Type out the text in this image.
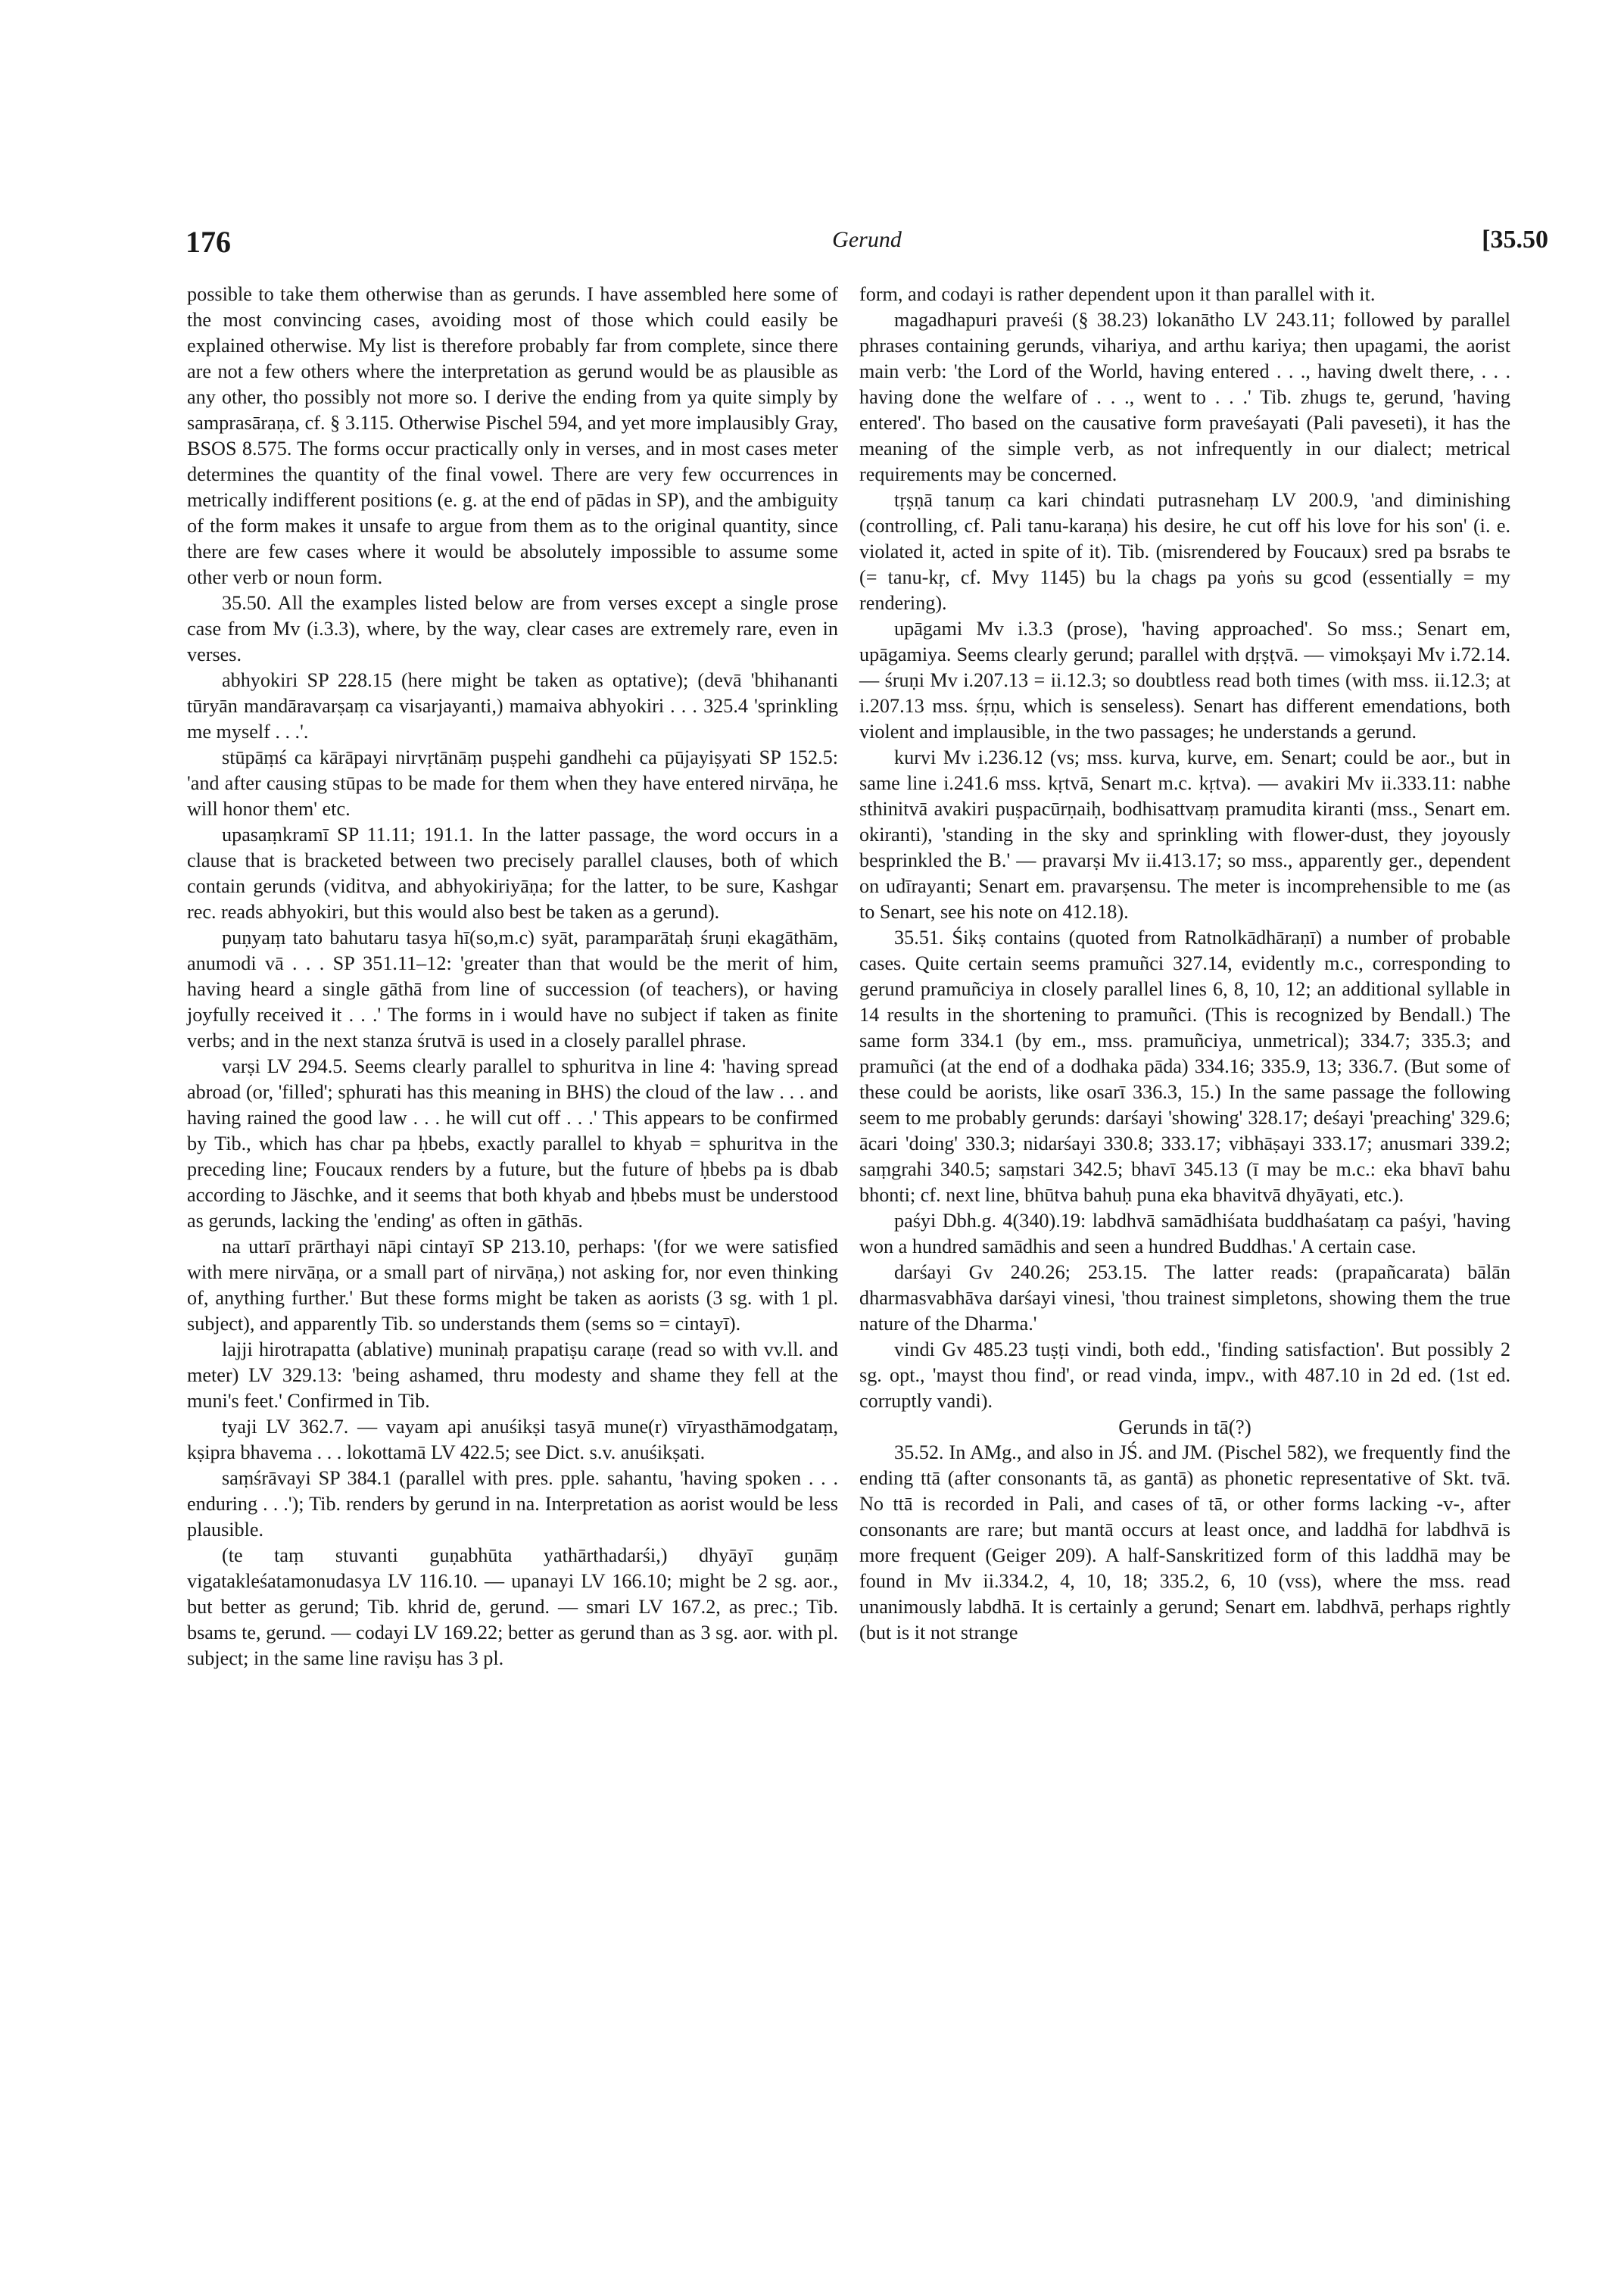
176	Gerund	[35.50

possible to take them otherwise than as gerunds. I have assembled here some of the most convincing cases, avoiding most of those which could easily be explained otherwise. My list is therefore probably far from complete, since there are not a few others where the interpretation as gerund would be as plausible as any other, tho possibly not more so. I derive the ending from ya quite simply by samprasāraṇa, cf. § 3.115. Otherwise Pischel 594, and yet more implausibly Gray, BSOS 8.575. The forms occur practically only in verses, and in most cases meter determines the quantity of the final vowel. There are very few occurrences in metrically indifferent positions (e. g. at the end of pādas in SP), and the ambiguity of the form makes it unsafe to argue from them as to the original quantity, since there are few cases where it would be absolutely impossible to assume some other verb or noun form.

35.50. All the examples listed below are from verses except a single prose case from Mv (i.3.3), where, by the way, clear cases are extremely rare, even in verses.

abhyokiri SP 228.15 (here might be taken as optative); (devā 'bhihananti tūryān mandāravarṣaṃ ca visarjayanti,) mamaiva abhyokiri . . . 325.4 'sprinkling me myself . . .'.

stūpāṃś ca kārāpayi nirvṛtānāṃ puṣpehi gandhehi ca pūjayiṣyati SP 152.5: 'and after causing stūpas to be made for them when they have entered nirvāṇa, he will honor them' etc.

upasaṃkramī SP 11.11; 191.1. In the latter passage, the word occurs in a clause that is bracketed between two precisely parallel clauses, both of which contain gerunds (viditva, and abhyokiriyāṇa; for the latter, to be sure, Kashgar rec. reads abhyokiri, but this would also best be taken as a gerund).

puṇyaṃ tato bahutaru tasya hī(so,m.c) syāt, paramparātaḥ śruṇi ekagāthām, anumodi vā . . . SP 351.11–12: 'greater than that would be the merit of him, having heard a single gāthā from line of succession (of teachers), or having joyfully received it . . .' The forms in i would have no subject if taken as finite verbs; and in the next stanza śrutvā is used in a closely parallel phrase.

varṣi LV 294.5. Seems clearly parallel to sphuritva in line 4: 'having spread abroad (or, 'filled'; sphurati has this meaning in BHS) the cloud of the law . . . and having rained the good law . . . he will cut off . . .' This appears to be confirmed by Tib., which has char pa ḥbebs, exactly parallel to khyab = sphuritva in the preceding line; Foucaux renders by a future, but the future of ḥbebs pa is dbab according to Jäschke, and it seems that both khyab and ḥbebs must be understood as gerunds, lacking the 'ending' as often in gāthās.

na uttarī prārthayi nāpi cintayī SP 213.10, perhaps: '(for we were satisfied with mere nirvāṇa, or a small part of nirvāṇa,) not asking for, nor even thinking of, anything further.' But these forms might be taken as aorists (3 sg. with 1 pl. subject), and apparently Tib. so understands them (sems so = cintayī).

lajji hirotrapatta (ablative) muninaḥ prapatiṣu caraṇe (read so with vv.ll. and meter) LV 329.13: 'being ashamed, thru modesty and shame they fell at the muni's feet.' Confirmed in Tib.

tyaji LV 362.7. — vayam api anuśikṣi tasyā mune(r) vīryasthāmodgataṃ, kṣipra bhavema . . . lokottamā LV 422.5; see Dict. s.v. anuśikṣati.

saṃśrāvayi SP 384.1 (parallel with pres. pple. sahantu, 'having spoken . . . enduring . . .'); Tib. renders by gerund in na. Interpretation as aorist would be less plausible.

(te taṃ stuvanti guṇabhūta yathārthadarśi,) dhyāyī guṇāṃ vigatakleśatamonudasya LV 116.10. — upanayi LV 166.10; might be 2 sg. aor., but better as gerund; Tib. khrid de, gerund. — smari LV 167.2, as prec.; Tib. bsams te, gerund. — codayi LV 169.22; better as gerund than as 3 sg. aor. with pl. subject; in the same line raviṣu has 3 pl.

form, and codayi is rather dependent upon it than parallel with it.

magadhapuri praveśi (§ 38.23) lokanātho LV 243.11; followed by parallel phrases containing gerunds, vihariya, and arthu kariya; then upagami, the aorist main verb: 'the Lord of the World, having entered . . ., having dwelt there, . . . having done the welfare of . . ., went to . . .' Tib. zhugs te, gerund, 'having entered'. Tho based on the causative form praveśayati (Pali paveseti), it has the meaning of the simple verb, as not infrequently in our dialect; metrical requirements may be concerned.

tṛṣṇā tanuṃ ca kari chindati putrasnehaṃ LV 200.9, 'and diminishing (controlling, cf. Pali tanu-karaṇa) his desire, he cut off his love for his son' (i. e. violated it, acted in spite of it). Tib. (misrendered by Foucaux) sred pa bsrabs te (= tanu-kṛ, cf. Mvy 1145) bu la chags pa yoṅs su gcod (essentially = my rendering).

upāgami Mv i.3.3 (prose), 'having approached'. So mss.; Senart em, upāgamiya. Seems clearly gerund; parallel with dṛṣṭvā. — vimokṣayi Mv i.72.14. — śruṇi Mv i.207.13 = ii.12.3; so doubtless read both times (with mss. ii.12.3; at i.207.13 mss. śṛṇu, which is senseless). Senart has different emendations, both violent and implausible, in the two passages; he understands a gerund.

kurvi Mv i.236.12 (vs; mss. kurva, kurve, em. Senart; could be aor., but in same line i.241.6 mss. kṛtvā, Senart m.c. kṛtva). — avakiri Mv ii.333.11: nabhe sthinitvā avakiri puṣpacūrṇaiḥ, bodhisattvaṃ pramudita kiranti (mss., Senart em. okiranti), 'standing in the sky and sprinkling with flower-dust, they joyously besprinkled the B.' — pravarṣi Mv ii.413.17; so mss., apparently ger., dependent on udīrayanti; Senart em. pravarṣensu. The meter is incomprehensible to me (as to Senart, see his note on 412.18).

35.51. Śikṣ contains (quoted from Ratnolkādhāraṇī) a number of probable cases. Quite certain seems pramuñci 327.14, evidently m.c., corresponding to gerund pramuñciya in closely parallel lines 6, 8, 10, 12; an additional syllable in 14 results in the shortening to pramuñci. (This is recognized by Bendall.) The same form 334.1 (by em., mss. pramuñciya, unmetrical); 334.7; 335.3; and pramuñci (at the end of a dodhaka pāda) 334.16; 335.9, 13; 336.7. (But some of these could be aorists, like osarī 336.3, 15.) In the same passage the following seem to me probably gerunds: darśayi 'showing' 328.17; deśayi 'preaching' 329.6; ācari 'doing' 330.3; nidarśayi 330.8; 333.17; vibhāṣayi 333.17; anusmari 339.2; saṃgrahi 340.5; saṃstari 342.5; bhavī 345.13 (ī may be m.c.: eka bhavī bahu bhonti; cf. next line, bhūtva bahuḥ puna eka bhavitvā dhyāyati, etc.).

paśyi Dbh.g. 4(340).19: labdhvā samādhiśata buddhaśataṃ ca paśyi, 'having won a hundred samādhis and seen a hundred Buddhas.' A certain case.

darśayi Gv 240.26; 253.15. The latter reads: (prapañcarata) bālān dharmasvabhāva darśayi vinesi, 'thou trainest simpletons, showing them the true nature of the Dharma.'

vindi Gv 485.23 tuṣṭi vindi, both edd., 'finding satisfaction'. But possibly 2 sg. opt., 'mayst thou find', or read vinda, impv., with 487.10 in 2d ed. (1st ed. corruptly vandi).

Gerunds in tā(?)

35.52. In AMg., and also in JŚ. and JM. (Pischel 582), we frequently find the ending ttā (after consonants tā, as gantā) as phonetic representative of Skt. tvā. No ttā is recorded in Pali, and cases of tā, or other forms lacking -v-, after consonants are rare; but mantā occurs at least once, and laddhā for labdhvā is more frequent (Geiger 209). A half-Sanskritized form of this laddhā may be found in Mv ii.334.2, 4, 10, 18; 335.2, 6, 10 (vss), where the mss. read unanimously labdhā. It is certainly a gerund; Senart em. labdhvā, perhaps rightly (but is it not strange
